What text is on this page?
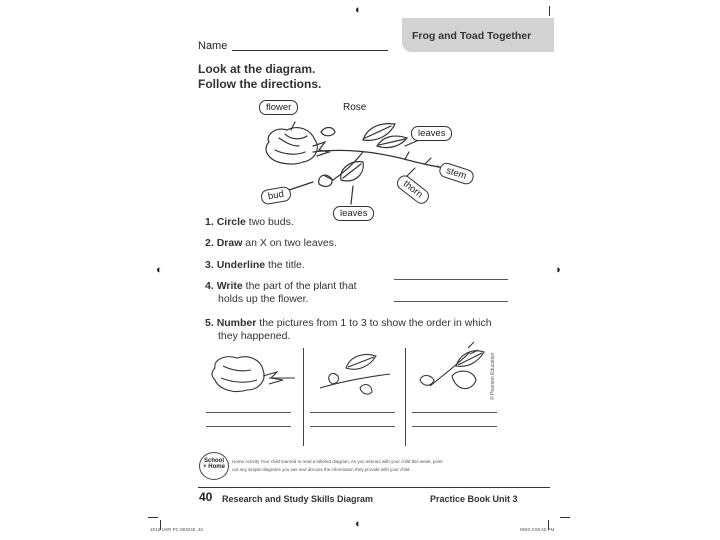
◐
◐	◑
◐
Frog and Toad Together
Name
Look at the diagram.
Follow the directions.
flower	Rose
leaves
stem
thorn
bud
leaves
1. Circle two buds.
2. Draw an X on two leaves.
3. Underline the title.
4. Write the part of the plant that
holds up the flower.
5. Number the pictures from 1 to 3 to show the order in which
they happened.
© Pearson Education
School
+ Home
Home Activity Your child learned to read a labeled diagram. As you interact with your child this week, point
out any simple diagrams you see and discuss the information they provide with your child.
40 Research and Study Skills Diagram	Practice Book Unit 3
1E16 LWR PC 983040 .43	9593 3:06:45 PM
